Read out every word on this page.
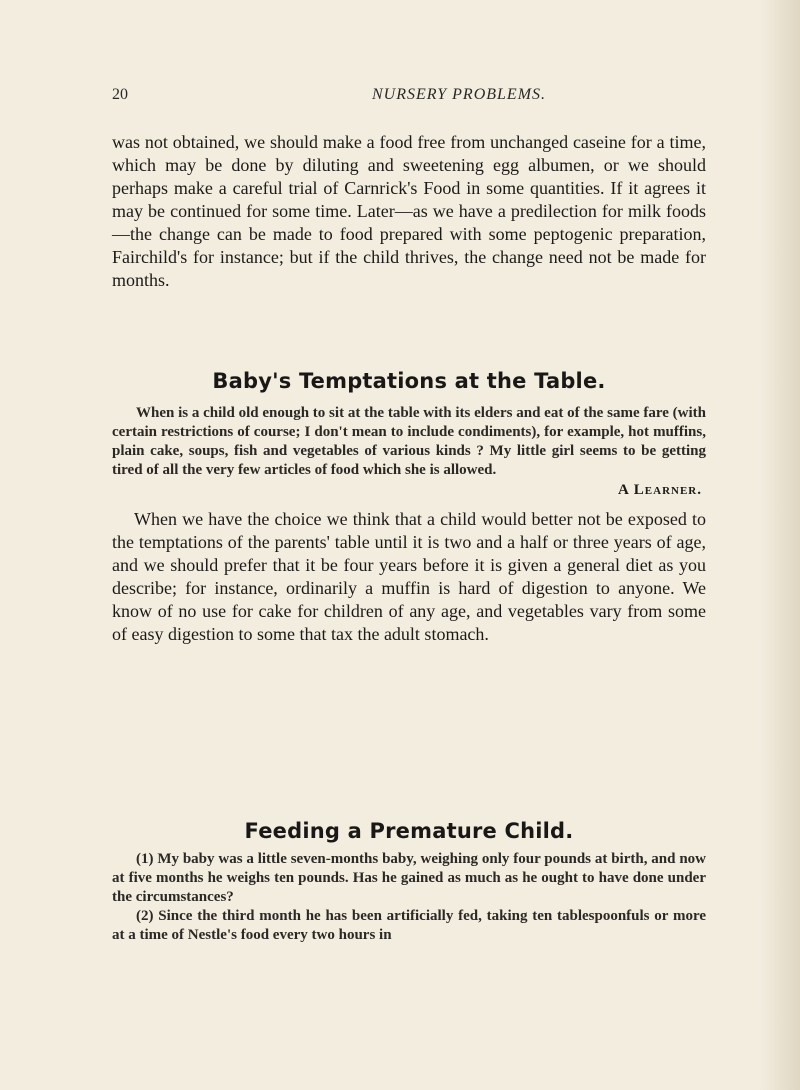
20	NURSERY PROBLEMS.

was not obtained, we should make a food free from unchanged caseine for a time, which may be done by diluting and sweetening egg albumen, or we should perhaps make a careful trial of Carnrick's Food in some quantities. If it agrees it may be continued for some time. Later—as we have a predilection for milk foods—the change can be made to food prepared with some peptogenic preparation, Fairchild's for instance; but if the child thrives, the change need not be made for months.

Baby's Temptations at the Table.

When is a child old enough to sit at the table with its elders and eat of the same fare (with certain restrictions of course; I don't mean to include condiments), for example, hot muffins, plain cake, soups, fish and vegetables of various kinds ? My little girl seems to be getting tired of all the very few articles of food which she is allowed.

A Learner.

When we have the choice we think that a child would better not be exposed to the temptations of the parents' table until it is two and a half or three years of age, and we should prefer that it be four years before it is given a general diet as you describe; for instance, ordinarily a muffin is hard of digestion to anyone. We know of no use for cake for children of any age, and vegetables vary from some of easy digestion to some that tax the adult stomach.

Feeding a Premature Child.

(1) My baby was a little seven-months baby, weighing only four pounds at birth, and now at five months he weighs ten pounds. Has he gained as much as he ought to have done under the circumstances?

(2) Since the third month he has been artificially fed, taking ten tablespoonfuls or more at a time of Nestle's food every two hours in
